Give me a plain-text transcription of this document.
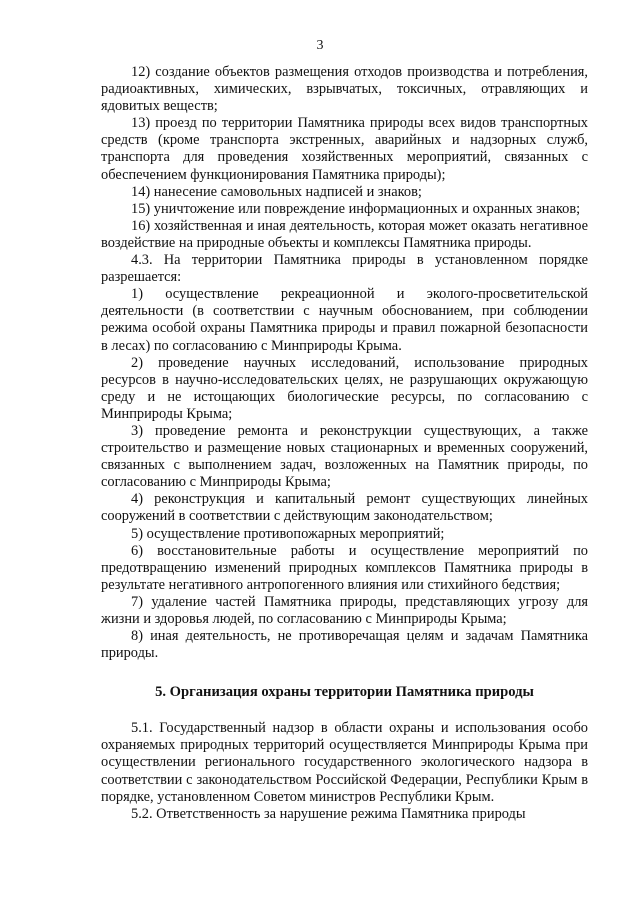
3

12) создание объектов размещения отходов производства и потребления, радиоактивных, химических, взрывчатых, токсичных, отравляющих и ядовитых веществ;

13) проезд по территории Памятника природы всех видов транспортных средств (кроме транспорта экстренных, аварийных и надзорных служб, транспорта для проведения хозяйственных мероприятий, связанных с обеспечением функционирования Памятника природы);

14) нанесение самовольных надписей и знаков;

15) уничтожение или повреждение информационных и охранных знаков;

16) хозяйственная и иная деятельность, которая может оказать негативное воздействие на природные объекты и комплексы Памятника природы.

4.3. На территории Памятника природы в установленном порядке разрешается:

1) осуществление рекреационной и эколого-просветительской деятельности (в соответствии с научным обоснованием, при соблюдении режима особой охраны Памятника природы и правил пожарной безопасности в лесах) по согласованию с Минприроды Крыма.

2) проведение научных исследований, использование природных ресурсов в научно-исследовательских целях, не разрушающих окружающую среду и не истощающих биологические ресурсы, по согласованию с Минприроды Крыма;

3) проведение ремонта и реконструкции существующих, а также строительство и размещение новых стационарных и временных сооружений, связанных с выполнением задач, возложенных на Памятник природы, по согласованию с Минприроды Крыма;

4) реконструкция и капитальный ремонт существующих линейных сооружений в соответствии с действующим законодательством;

5) осуществление противопожарных мероприятий;

6) восстановительные работы и осуществление мероприятий по предотвращению изменений природных комплексов Памятника природы в результате негативного антропогенного влияния или стихийного бедствия;

7) удаление частей Памятника природы, представляющих угрозу для жизни и здоровья людей, по согласованию с Минприроды Крыма;

8) иная деятельность, не противоречащая целям и задачам Памятника природы.

5. Организация охраны территории Памятника природы

5.1. Государственный надзор в области охраны и использования особо охраняемых природных территорий осуществляется Минприроды Крыма при осуществлении регионального государственного экологического надзора в соответствии с законодательством Российской Федерации, Республики Крым в порядке, установленном Советом министров Республики Крым.

5.2. Ответственность за нарушение режима Памятника природы
